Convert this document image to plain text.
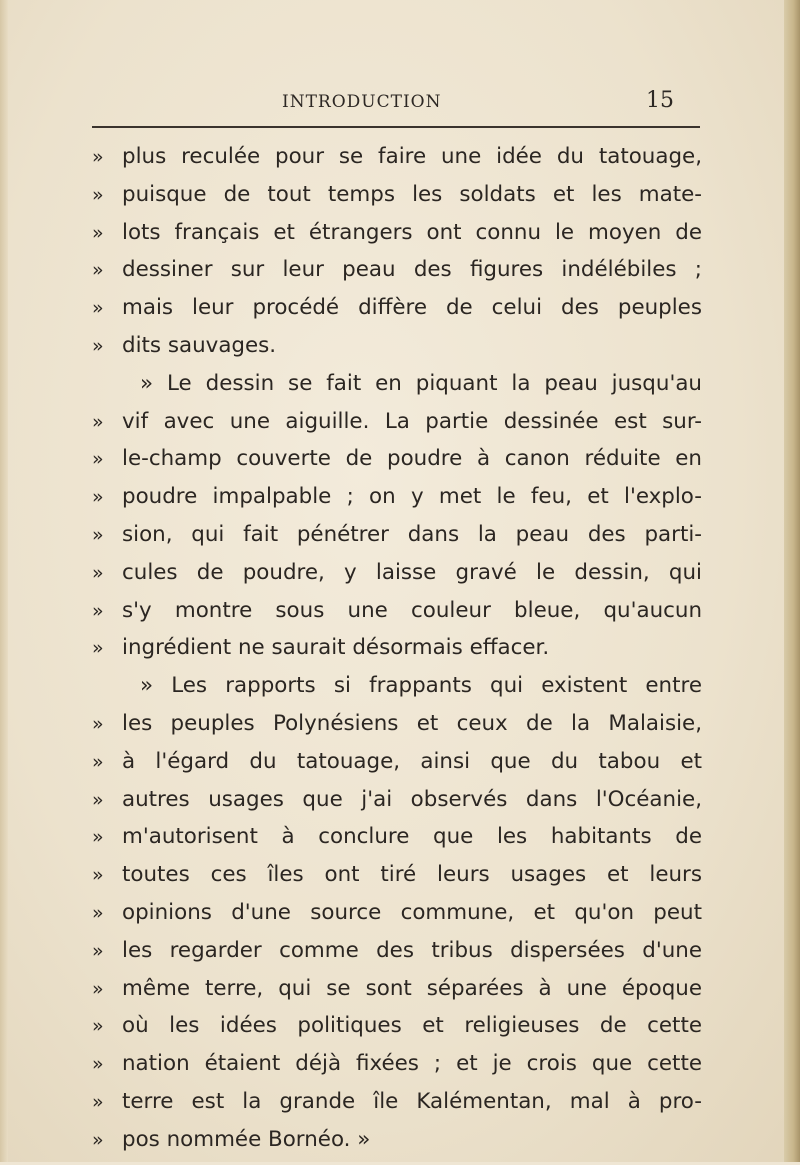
INTRODUCTION	15
» plus reculée pour se faire une idée du tatouage,
» puisque de tout temps les soldats et les mate-
» lots français et étrangers ont connu le moyen de
» dessiner sur leur peau des figures indélébiles ;
» mais leur procédé diffère de celui des peuples
» dits sauvages.
» Le dessin se fait en piquant la peau jusqu'au
» vif avec une aiguille. La partie dessinée est sur-
» le-champ couverte de poudre à canon réduite en
» poudre impalpable ; on y met le feu, et l'explo-
» sion, qui fait pénétrer dans la peau des parti-
» cules de poudre, y laisse gravé le dessin, qui
» s'y montre sous une couleur bleue, qu'aucun
» ingrédient ne saurait désormais effacer.
» Les rapports si frappants qui existent entre
» les peuples Polynésiens et ceux de la Malaisie,
» à l'égard du tatouage, ainsi que du tabou et
» autres usages que j'ai observés dans l'Océanie,
» m'autorisent à conclure que les habitants de
» toutes ces îles ont tiré leurs usages et leurs
» opinions d'une source commune, et qu'on peut
» les regarder comme des tribus dispersées d'une
» même terre, qui se sont séparées à une époque
» où les idées politiques et religieuses de cette
» nation étaient déjà fixées ; et je crois que cette
» terre est la grande île Kalémentan, mal à pro-
» pos nommée Bornéo. »
